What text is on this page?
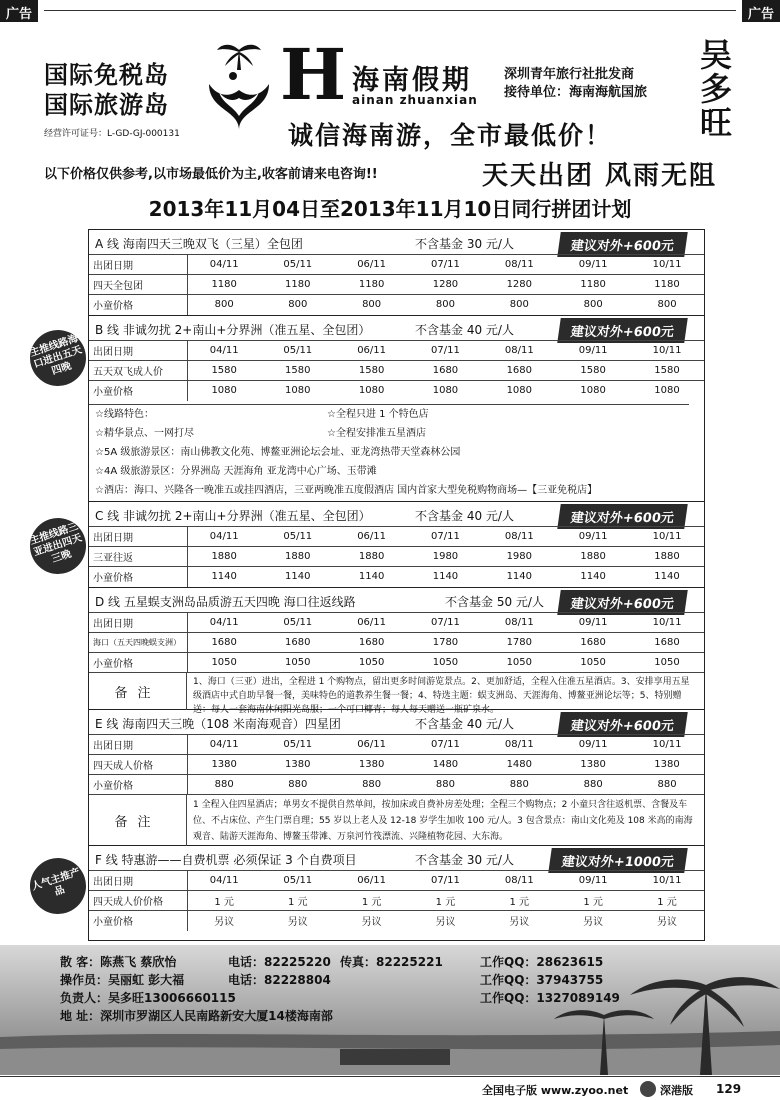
广告	广告
国际免税岛
国际旅游岛
经营许可证号：L-GD-GJ-000131
H 海南假期
ainan zhuanxian
深圳青年旅行社批发商
接待单位：海南海航国旅
诚信海南游，全市最低价！
吴多旺
以下价格仅供参考,以市场最低价为主,收客前请来电咨询!!	天天出团 风雨无阻
2013年11月04日至2013年11月10日同行拼团计划
主推线路海口进出五天四晚
主推线路三亚进出四天三晚
人气主推产品
A 线 海南四天三晚双飞（三星）全包团	不含基金 30 元/人	建议对外+600元
出团日期	04/11	05/11	06/11	07/11	08/11	09/11	10/11
四天全包团	1180	1180	1180	1280	1280	1180	1180
小童价格	800	800	800	800	800	800	800
B 线 非诚勿扰 2+南山+分界洲（准五星、全包团）	不含基金 40 元/人	建议对外+600元
出团日期	04/11	05/11	06/11	07/11	08/11	09/11	10/11
五天双飞成人价	1580	1580	1580	1680	1680	1580	1580
小童价格	1080	1080	1080	1080	1080	1080	1080
☆线路特色：	☆全程只进 1 个特色店
☆精华景点、一网打尽	☆全程安排准五星酒店
☆5A 级旅游景区：南山佛教文化苑、博鳌亚洲论坛会址、亚龙湾热带天堂森林公园
☆4A 级旅游景区：分界洲岛 天涯海角 亚龙湾中心广场、玉带滩
☆酒店：海口、兴隆各一晚准五或挂四酒店，三亚两晚准五度假酒店 国内首家大型免税购物商场—【三亚免税店】
C 线 非诚勿扰 2+南山+分界洲（准五星、全包团）	不含基金 40 元/人	建议对外+600元
出团日期	04/11	05/11	06/11	07/11	08/11	09/11	10/11
三亚往返	1880	1880	1880	1980	1980	1880	1880
小童价格	1140	1140	1140	1140	1140	1140	1140
D 线 五星蜈支洲岛品质游五天四晚 海口往返线路	不含基金 50 元/人	建议对外+600元
出团日期	04/11	05/11	06/11	07/11	08/11	09/11	10/11
海口（五天四晚蜈支洲）	1680	1680	1680	1780	1780	1680	1680
小童价格	1050	1050	1050	1050	1050	1050	1050
备注
1、海口（三亚）进出，全程进 1 个购物点，留出更多时间游览景点。2、更加舒适，全程入住准五星酒店。3、安排享用五星级酒店中式自助早餐一餐，美味特色的道教养生餐一餐；4、特选主题：蜈支洲岛、天涯海角、博鳌亚洲论坛等；5、特别赠送：每人一套海南休闲阳光岛服；一个可口椰青；每人每天赠送一瓶矿泉水。
E 线 海南四天三晚（108 米南海观音）四星团	不含基金 40 元/人	建议对外+600元
出团日期	04/11	05/11	06/11	07/11	08/11	09/11	10/11
四天成人价格	1380	1380	1380	1480	1480	1380	1380
小童价格	880	880	880	880	880	880	880
备注
1 全程入住四星酒店；单男女不提供自然单间，按加床或自费补房差处理；全程三个购物点；2 小童只含往返机票、含餐及车位、不占床位、产生门票自理；55 岁以上老人及 12-18 岁学生加收 100 元/人。3 包含景点：南山文化苑及 108 米高的南海观音、陆游天涯海角、博鳌玉带滩、万泉河竹筏漂流、兴隆植物花园、大东海。
F 线 特惠游——自费机票 必须保证 3 个自费项目	不含基金 30 元/人	建议对外+1000元
出团日期	04/11	05/11	06/11	07/11	08/11	09/11	10/11
四天成人价价格	1 元	1 元	1 元	1 元	1 元	1 元	1 元
小童价格	另议	另议	另议	另议	另议	另议	另议
散 客：陈燕飞 蔡欣怡	电话：82225220 传真：82225221	工作QQ：28623615
操作员：吴丽虹 彭大福	电话：82228804	工作QQ：37943755
负责人：吴多旺13006660115	工作QQ：1327089149
地 址：深圳市罗湖区人民南路新安大厦14楼海南部
全国电子版 www.zyoo.net	深港版 129
